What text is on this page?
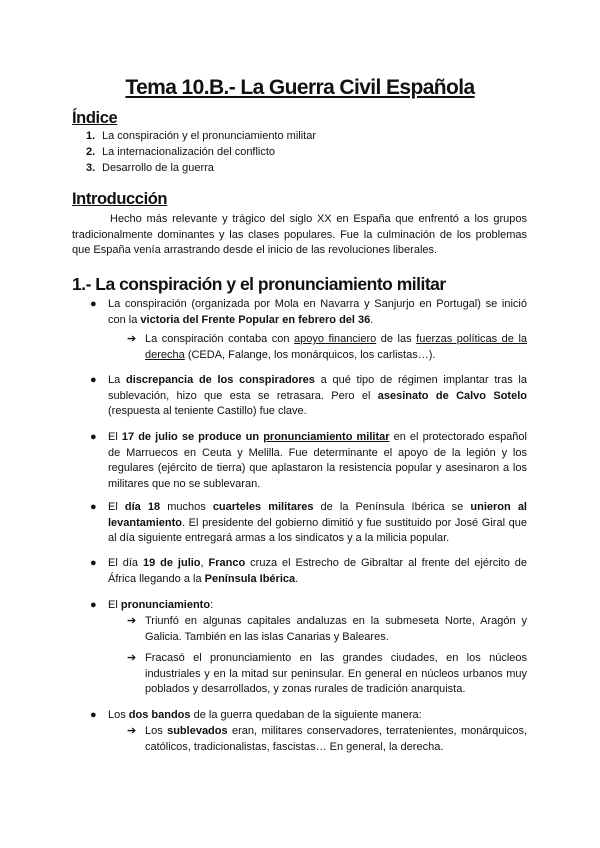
Tema 10.B.- La Guerra Civil Española
Índice

1. La conspiración y el pronunciamiento militar

2. La internacionalización del conflicto

3. Desarrollo de la guerra

Introducción

Hecho más relevante y trágico del siglo XX en España que enfrentó a los grupos tradicionalmente dominantes y las clases populares. Fue la culminación de los problemas que España venía arrastrando desde el inicio de las revoluciones liberales.

1.- La conspiración y el pronunciamiento militar

● La conspiración (organizada por Mola en Navarra y Sanjurjo en Portugal) se inició con la victoria del Frente Popular en febrero del 36.

➔ La conspiración contaba con apoyo financiero de las fuerzas políticas de la derecha (CEDA, Falange, los monárquicos, los carlistas…).

● La discrepancia de los conspiradores a qué tipo de régimen implantar tras la sublevación, hizo que esta se retrasara. Pero el asesinato de Calvo Sotelo (respuesta al teniente Castillo) fue clave.

● El 17 de julio se produce un pronunciamiento militar en el protectorado español de Marruecos en Ceuta y Melilla. Fue determinante el apoyo de la legión y los regulares (ejército de tierra) que aplastaron la resistencia popular y asesinaron a los militares que no se sublevaran.

● El día 18 muchos cuarteles militares de la Península Ibérica se unieron al levantamiento. El presidente del gobierno dimitió y fue sustituido por José Giral que al día siguiente entregará armas a los sindicatos y a la milicia popular.

● El día 19 de julio, Franco cruza el Estrecho de Gibraltar al frente del ejército de África llegando a la Península Ibérica.

● El pronunciamiento:

➔ Triunfó en algunas capitales andaluzas en la submeseta Norte, Aragón y Galicia. También en las islas Canarias y Baleares.

➔ Fracasó el pronunciamiento en las grandes ciudades, en los núcleos industriales y en la mitad sur peninsular. En general en núcleos urbanos muy poblados y desarrollados, y zonas rurales de tradición anarquista.

● Los dos bandos de la guerra quedaban de la siguiente manera:

➔ Los sublevados eran, militares conservadores, terratenientes, monárquicos, católicos, tradicionalistas, fascistas… En general, la derecha.
